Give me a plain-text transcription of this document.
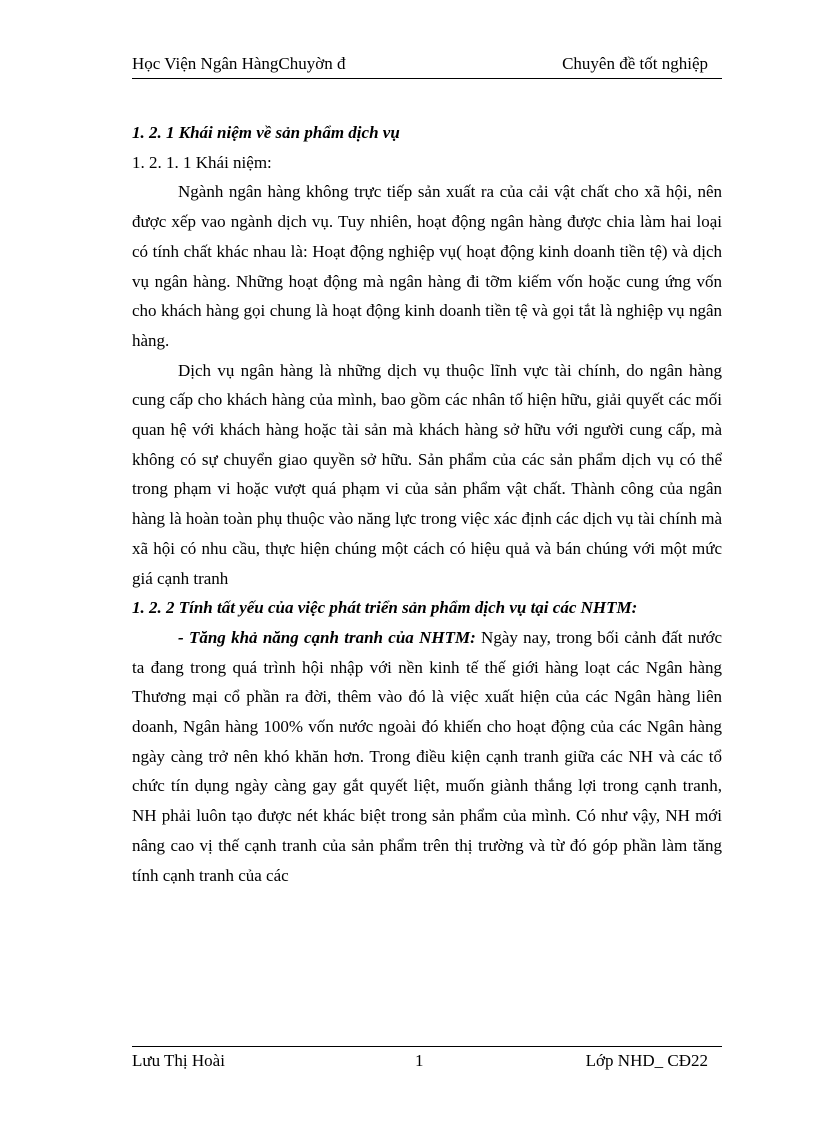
Học Viện Ngân HàngChuyờn đ	Chuyên đề tốt nghiệp

1. 2. 1 Khái niệm về sản phẩm dịch vụ

1. 2. 1. 1 Khái niệm:

Ngành ngân hàng không trực tiếp sản xuất ra của cải vật chất cho xã hội, nên được xếp vao ngành dịch vụ. Tuy nhiên, hoạt động ngân hàng được chia làm hai loại có tính chất khác nhau là: Hoạt động nghiệp vụ( hoạt động kinh doanh tiền tệ) và dịch vụ ngân hàng. Những hoạt động mà ngân hàng đi tỡm kiếm vốn hoặc cung ứng vốn cho khách hàng gọi chung là hoạt động kinh doanh tiền tệ và gọi tắt là nghiệp vụ ngân hàng.

Dịch vụ ngân hàng là những dịch vụ thuộc lĩnh vực tài chính, do ngân hàng cung cấp cho khách hàng của mình, bao gồm các nhân tố hiện hữu, giải quyết các mối quan hệ với khách hàng hoặc tài sản mà khách hàng sở hữu với người cung cấp, mà không có sự chuyển giao quyền sở hữu. Sản phẩm của các sản phẩm dịch vụ có thể trong phạm vi hoặc vượt quá phạm vi của sản phẩm vật chất. Thành công của ngân hàng là hoàn toàn phụ thuộc vào năng lực trong việc xác định các dịch vụ tài chính mà xã hội có nhu cầu, thực hiện chúng một cách có hiệu quả và bán chúng với một mức giá cạnh tranh

1. 2. 2 Tính tất yếu của việc phát triển sản phẩm dịch vụ tại các NHTM:

- Tăng khả năng cạnh tranh của NHTM: Ngày nay, trong bối cảnh đất nước ta đang trong quá trình hội nhập với nền kinh tế thế giới hàng loạt các Ngân hàng Thương mại cổ phần ra đời, thêm vào đó là việc xuất hiện của các Ngân hàng liên doanh, Ngân hàng 100% vốn nước ngoài đó khiến cho hoạt động của các Ngân hàng ngày càng trở nên khó khăn hơn. Trong điều kiện cạnh tranh giữa các NH và các tổ chức tín dụng ngày càng gay gắt quyết liệt, muốn giành thắng lợi trong cạnh tranh, NH phải luôn tạo được nét khác biệt trong sản phẩm của mình. Có như vậy, NH mới nâng cao vị thế cạnh tranh của sản phẩm trên thị trường và từ đó góp phần làm tăng tính cạnh tranh của các

Lưu Thị Hoài	1	Lớp NHD_ CĐ22
